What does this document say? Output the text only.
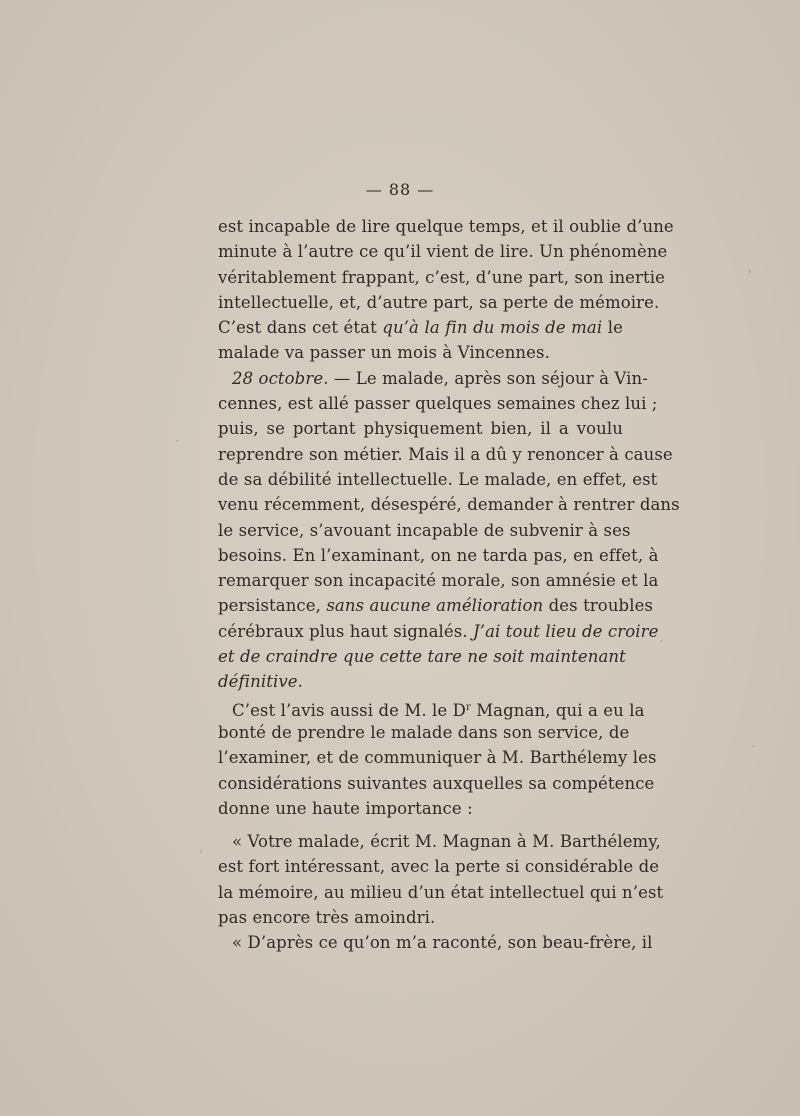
— 88 —
est incapable de lire quelque temps, et il oublie d’une
minute à l’autre ce qu’il vient de lire. Un phénomène
véritablement frappant, c’est, d’une part, son inertie
intellectuelle, et, d’autre part, sa perte de mémoire.
C’est dans cet état qu’à la fin du mois de mai le
malade va passer un mois à Vincennes.
28 octobre. — Le malade, après son séjour à Vin-
cennes, est allé passer quelques semaines chez lui ;
puis, se portant physiquement bien, il a voulu
reprendre son métier. Mais il a dû y renoncer à cause
de sa débilité intellectuelle. Le malade, en effet, est
venu récemment, désespéré, demander à rentrer dans
le service, s’avouant incapable de subvenir à ses
besoins. En l’examinant, on ne tarda pas, en effet, à
remarquer son incapacité morale, son amnésie et la
persistance, sans aucune amélioration des troubles
cérébraux plus haut signalés. J’ai tout lieu de croire
et de craindre que cette tare ne soit maintenant
définitive.
C’est l’avis aussi de M. le $D^r$ Magnan, qui a eu la
bonté de prendre le malade dans son service, de
l’examiner, et de communiquer à M. Barthélemy les
considérations suivantes auxquelles sa compétence
donne une haute importance :
« Votre malade, écrit M. Magnan à M. Barthélemy,
est fort intéressant, avec la perte si considérable de
la mémoire, au milieu d’un état intellectuel qui n’est
pas encore très amoindri.
« D’après ce qu’on m’a raconté, son beau-frère, il
